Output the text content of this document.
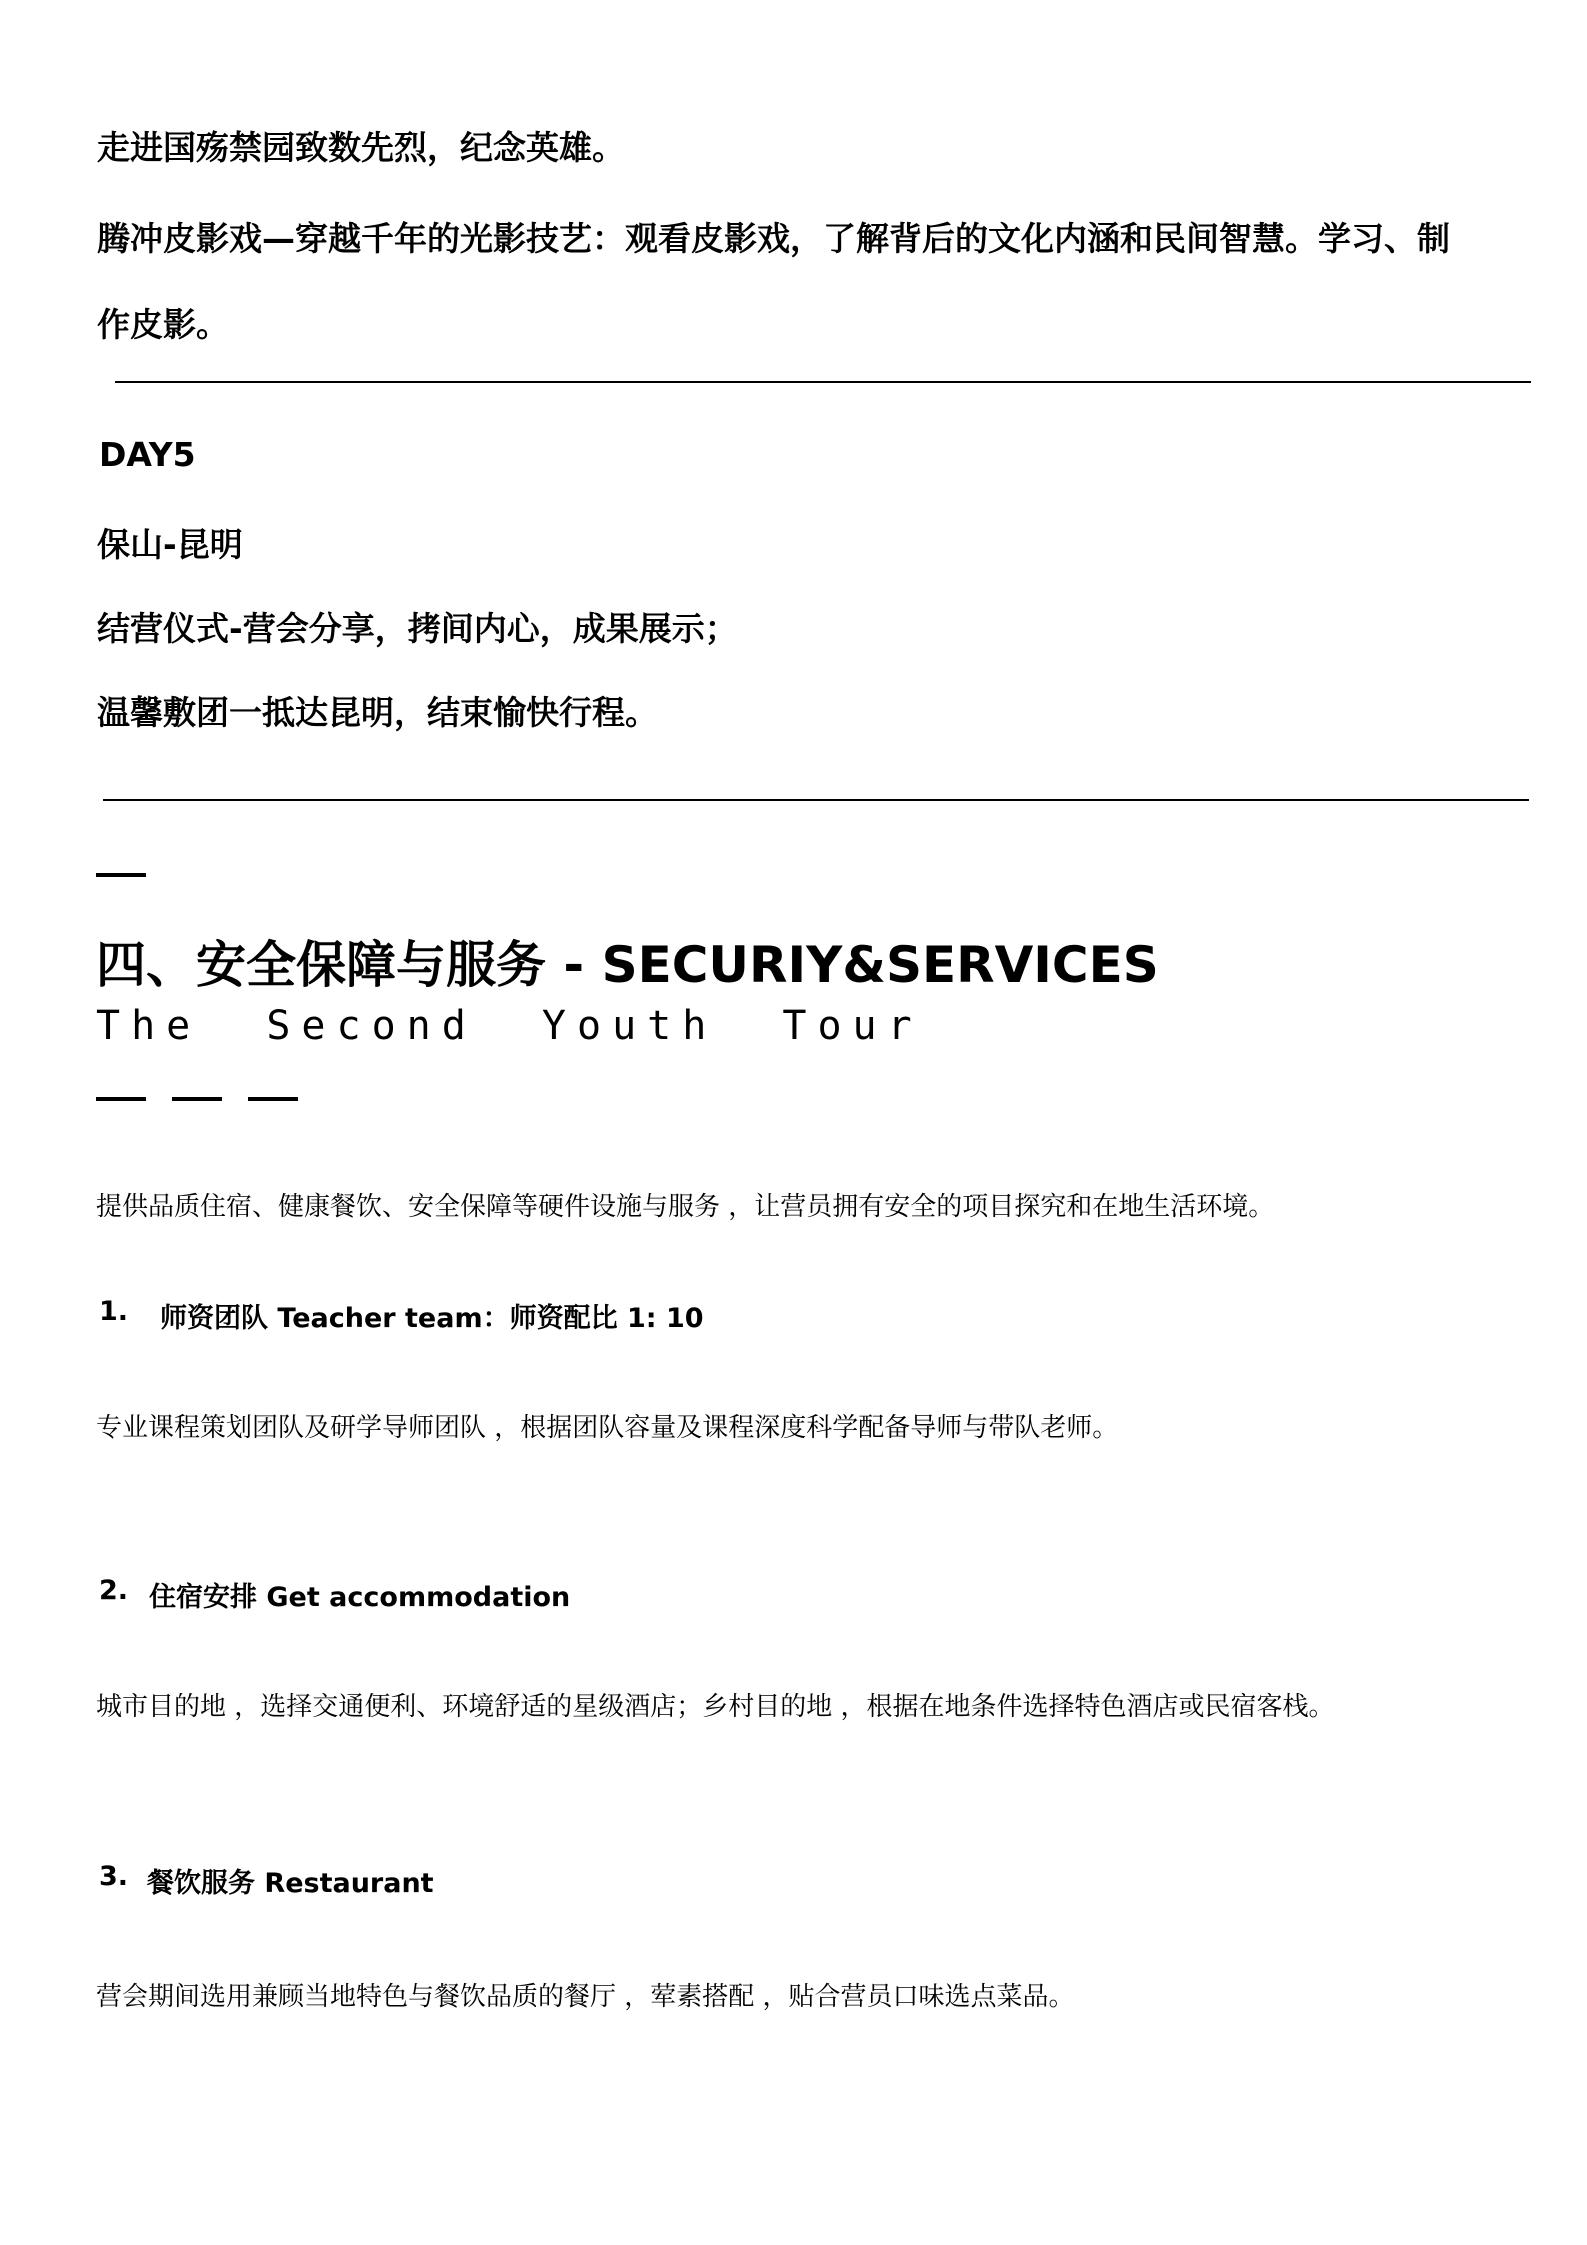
走进国殇禁园致数先烈，纪念英雄。
腾冲皮影戏—穿越千年的光影技艺：观看皮影戏，了解背后的文化内涵和民间智慧。学习、制
作皮影。
DAY5
保山-昆明
结营仪式-营会分享，拷间内心，成果展示；
温馨敷团一抵达昆明，结束愉快行程。
四、安全保障与服务 - SECURIY&SERVICES
The Second Youth Tour
提供品质住宿、健康餐饮、安全保障等硬件设施与服务 ，让营员拥有安全的项目探究和在地生活环境。
1. 师资团队 Teacher team：师资配比 1: 10
专业课程策划团队及研学导师团队 ，根据团队容量及课程深度科学配备导师与带队老师。
2. 住宿安排 Get accommodation
城市目的地 ，选择交通便利、环境舒适的星级酒店；乡村目的地 ，根据在地条件选择特色酒店或民宿客栈。
3. 餐饮服务 Restaurant
营会期间选用兼顾当地特色与餐饮品质的餐厅 ，荤素搭配 ，贴合营员口味选点菜品。
